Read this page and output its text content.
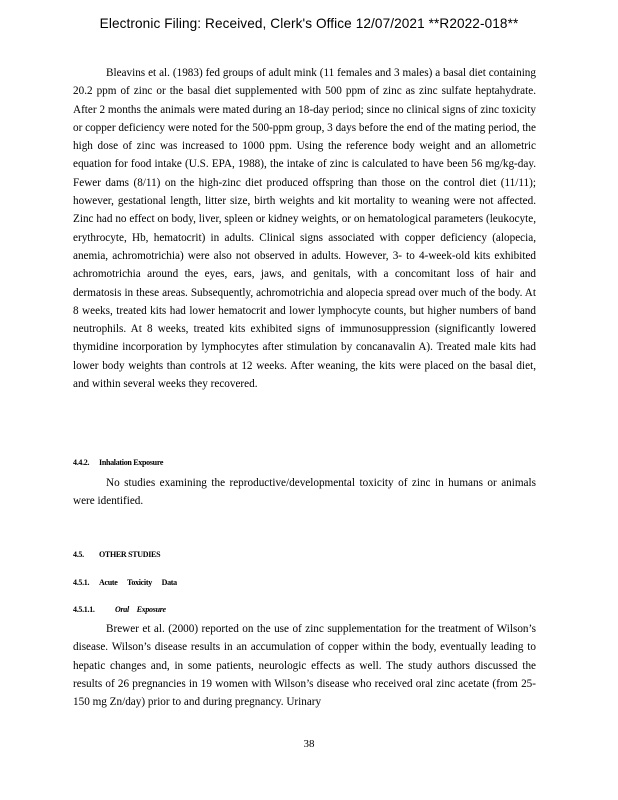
Electronic Filing: Received, Clerk's Office 12/07/2021 **R2022-018**

Bleavins et al. (1983) fed groups of adult mink (11 females and 3 males) a basal diet containing 20.2 ppm of zinc or the basal diet supplemented with 500 ppm of zinc as zinc sulfate heptahydrate. After 2 months the animals were mated during an 18-day period; since no clinical signs of zinc toxicity or copper deficiency were noted for the 500-ppm group, 3 days before the end of the mating period, the high dose of zinc was increased to 1000 ppm. Using the reference body weight and an allometric equation for food intake (U.S. EPA, 1988), the intake of zinc is calculated to have been 56 mg/kg-day. Fewer dams (8/11) on the high-zinc diet produced offspring than those on the control diet (11/11); however, gestational length, litter size, birth weights and kit mortality to weaning were not affected. Zinc had no effect on body, liver, spleen or kidney weights, or on hematological parameters (leukocyte, erythrocyte, Hb, hematocrit) in adults. Clinical signs associated with copper deficiency (alopecia, anemia, achromotrichia) were also not observed in adults. However, 3- to 4-week-old kits exhibited achromotrichia around the eyes, ears, jaws, and genitals, with a concomitant loss of hair and dermatosis in these areas. Subsequently, achromotrichia and alopecia spread over much of the body. At 8 weeks, treated kits had lower hematocrit and lower lymphocyte counts, but higher numbers of band neutrophils. At 8 weeks, treated kits exhibited signs of immunosuppression (significantly lowered thymidine incorporation by lymphocytes after stimulation by concanavalin A). Treated male kits had lower body weights than controls at 12 weeks. After weaning, the kits were placed on the basal diet, and within several weeks they recovered.

4.4.2. Inhalation Exposure

No studies examining the reproductive/developmental toxicity of zinc in humans or animals were identified.

4.5. OTHER STUDIES
4.5.1. Acute Toxicity Data
4.5.1.1.	Oral Exposure

Brewer et al. (2000) reported on the use of zinc supplementation for the treatment of Wilson’s disease. Wilson’s disease results in an accumulation of copper within the body, eventually leading to hepatic changes and, in some patients, neurologic effects as well. The study authors discussed the results of 26 pregnancies in 19 women with Wilson’s disease who received oral zinc acetate (from 25-150 mg Zn/day) prior to and during pregnancy. Urinary

38
